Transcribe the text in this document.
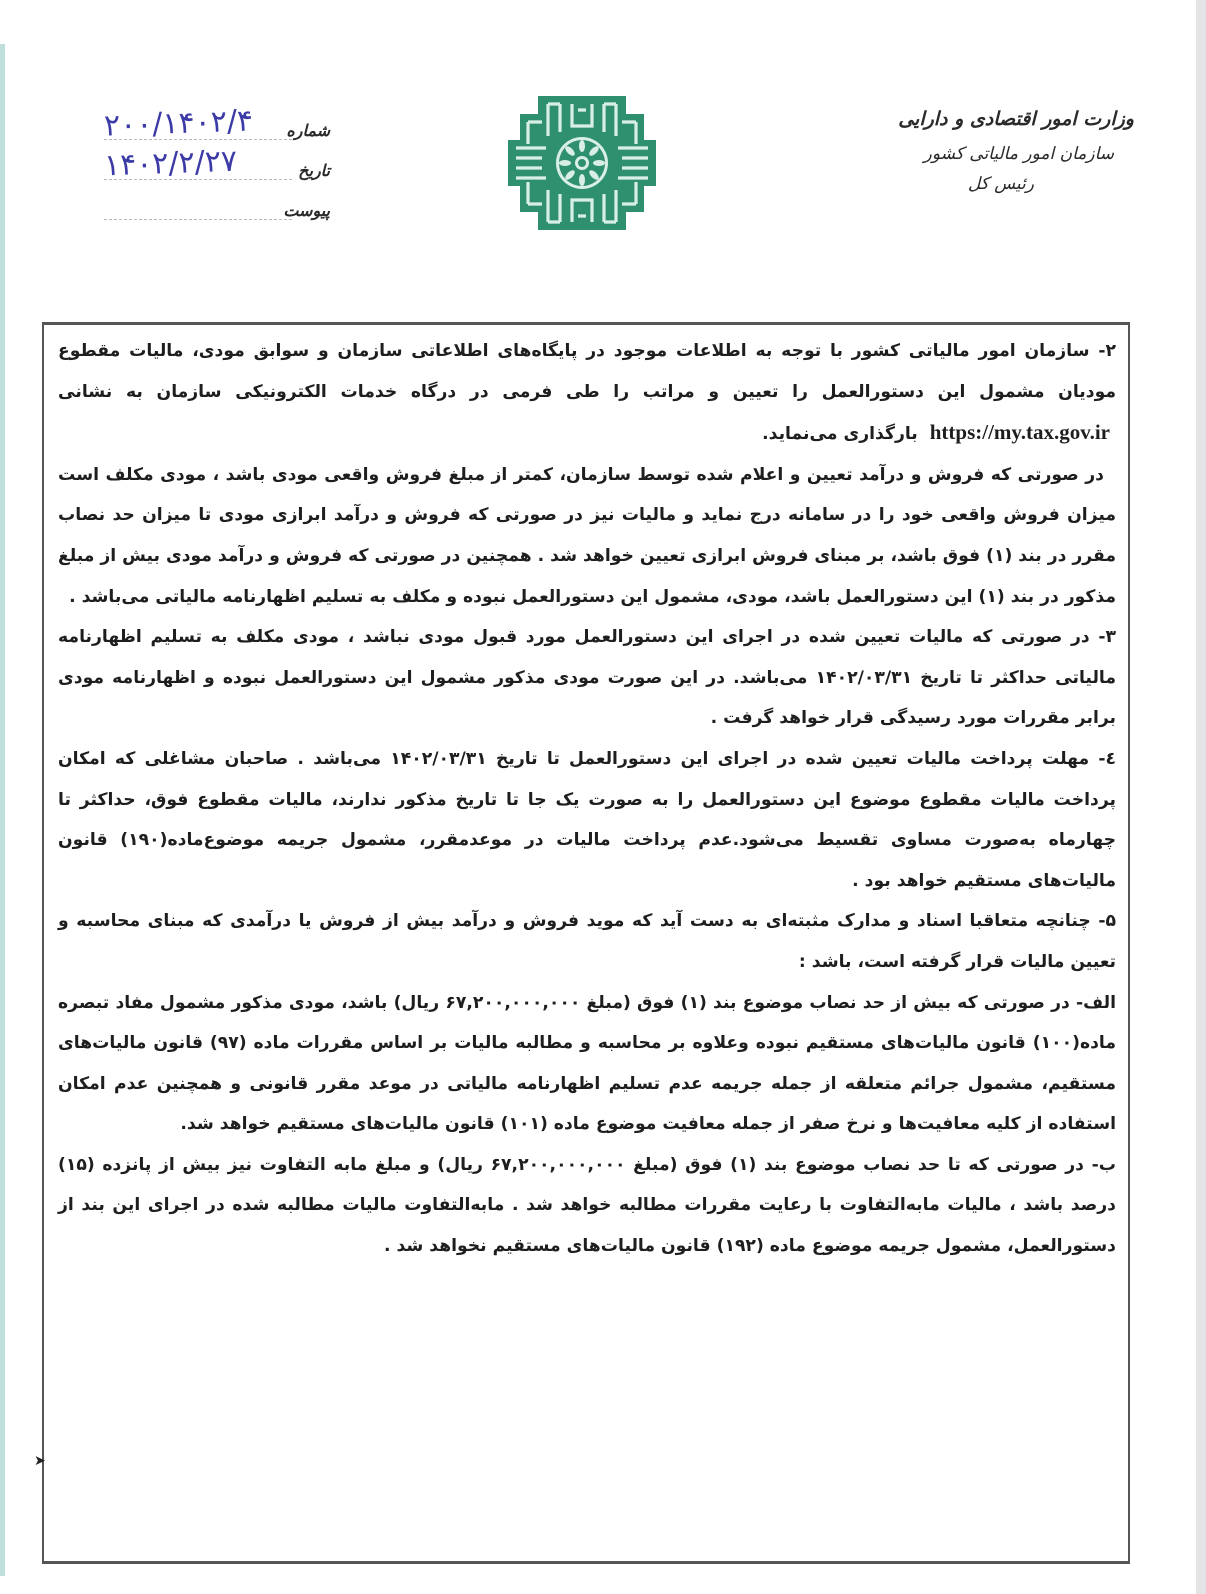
وزارت امور اقتصادی و دارایی
سازمان امور مالیاتی کشور
رئیس کل
شماره
۲۰۰/۱۴۰۲/۴
تاریخ
۱۴۰۲/۲/۲۷
پیوست

۲- سازمان امور مالیاتی کشور با توجه به اطلاعات موجود در پایگاه‌های اطلاعاتی سازمان و سوابق مودی، مالیات مقطوع مودیان مشمول این دستورالعمل را تعیین و مراتب را طی فرمی در درگاه خدمات الکترونیکی سازمان به نشانی https://my.tax.gov.ir بارگذاری می‌نماید.

در صورتی که فروش و درآمد تعیین و اعلام شده توسط سازمان، کمتر از مبلغ فروش واقعی مودی باشد ، مودی مکلف است میزان فروش واقعی خود را در سامانه درج نماید و مالیات نیز در صورتی که فروش و درآمد ابرازی مودی تا میزان حد نصاب مقرر در بند (۱) فوق باشد، بر مبنای فروش ابرازی تعیین خواهد شد . همچنین در صورتی که فروش و درآمد مودی بیش از مبلغ مذکور در بند (۱) این دستورالعمل باشد، مودی، مشمول این دستورالعمل نبوده و مکلف به تسلیم اظهارنامه مالیاتی می‌باشد .

۳- در صورتی که مالیات تعیین شده در اجرای این دستورالعمل مورد قبول مودی نباشد ، مودی مکلف به تسلیم اظهارنامه مالیاتی حداکثر تا تاریخ ۱۴۰۲/۰۳/۳۱ می‌باشد. در این صورت مودی مذکور مشمول این دستورالعمل نبوده و اظهارنامه مودی برابر مقررات مورد رسیدگی قرار خواهد گرفت .

٤- مهلت پرداخت مالیات تعیین شده در اجرای این دستورالعمل تا تاریخ ۱۴۰۲/۰۳/۳۱ می‌باشد . صاحبان مشاغلی که امکان پرداخت مالیات مقطوع موضوع این دستورالعمل را به صورت یک جا تا تاریخ مذکور ندارند، مالیات مقطوع فوق، حداکثر تا چهارماه به‌صورت مساوی تقسیط می‌شود.عدم پرداخت مالیات در موعدمقرر، مشمول جریمه موضوع‌ماده(۱۹۰) قانون مالیات‌های مستقیم خواهد بود .

۵- چنانچه متعاقبا اسناد و مدارک مثبته‌ای به دست آید که موید فروش و درآمد بیش از فروش یا درآمدی که مبنای محاسبه و تعیین مالیات قرار گرفته است، باشد :

الف- در صورتی که بیش از حد نصاب موضوع بند (۱) فوق (مبلغ ۶۷,۲۰۰,۰۰۰,۰۰۰ ریال) باشد، مودی مذکور مشمول مفاد تبصره ماده(۱۰۰) قانون مالیات‌های مستقیم نبوده وعلاوه بر محاسبه و مطالبه مالیات بر اساس مقررات ماده (۹۷) قانون مالیات‌های مستقیم، مشمول جرائم متعلقه از جمله جریمه عدم تسلیم اظهارنامه مالیاتی در موعد مقرر قانونی و همچنین عدم امکان استفاده از کلیه معافیت‌ها و نرخ صفر از جمله معافیت موضوع ماده (۱۰۱) قانون مالیات‌های مستقیم خواهد شد.

ب- در صورتی که تا حد نصاب موضوع بند (۱) فوق (مبلغ ۶۷,۲۰۰,۰۰۰,۰۰۰ ریال) و مبلغ مابه التفاوت نیز بیش از پانزده (۱۵) درصد باشد ، مالیات مابه‌التفاوت با رعایت مقررات مطالبه خواهد شد . مابه‌التفاوت مالیات مطالبه شده در اجرای این بند از دستورالعمل، مشمول جریمه موضوع ماده (۱۹۲) قانون مالیات‌های مستقیم نخواهد شد .

➤
